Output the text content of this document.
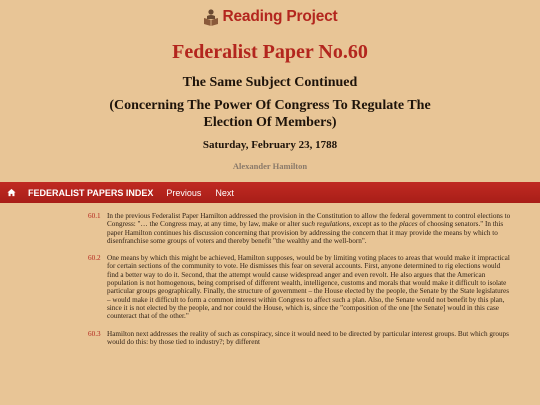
Reading Project
Federalist Paper No.60
The Same Subject Continued
(Concerning The Power Of Congress To Regulate The Election Of Members)
Saturday, February 23, 1788
Alexander Hamilton
FEDERALIST PAPERS INDEX Previous Next
60.1 In the previous Federalist Paper Hamilton addressed the provision in the Constitution to allow the federal government to control elections to Congress: "… the Congress may, at any time, by law, make or alter such regulations, except as to the places of choosing senators." In this paper Hamilton continues his discussion concerning that provision by addressing the concern that it may provide the means by which to disenfranchise some groups of voters and thereby benefit "the wealthy and the well-born".
60.2 One means by which this might be achieved, Hamilton supposes, would be by limiting voting places to areas that would make it impractical for certain sections of the community to vote. He dismisses this fear on several accounts. First, anyone determined to rig elections would find a better way to do it. Second, that the attempt would cause widespread anger and even revolt. He also argues that the American population is not homogenous, being comprised of different wealth, intelligence, customs and morals that would make it difficult to isolate particular groups geographically. Finally, the structure of government – the House elected by the people, the Senate by the State legislatures – would make it difficult to form a common interest within Congress to affect such a plan. Also, the Senate would not benefit by this plan, since it is not elected by the people, and nor could the House, which is, since the "composition of the one [the Senate] would in this case counteract that of the other."
60.3 Hamilton next addresses the reality of such as conspiracy, since it would need to be directed by particular interest groups. But which groups would do this: by those tied to industry?; by different
